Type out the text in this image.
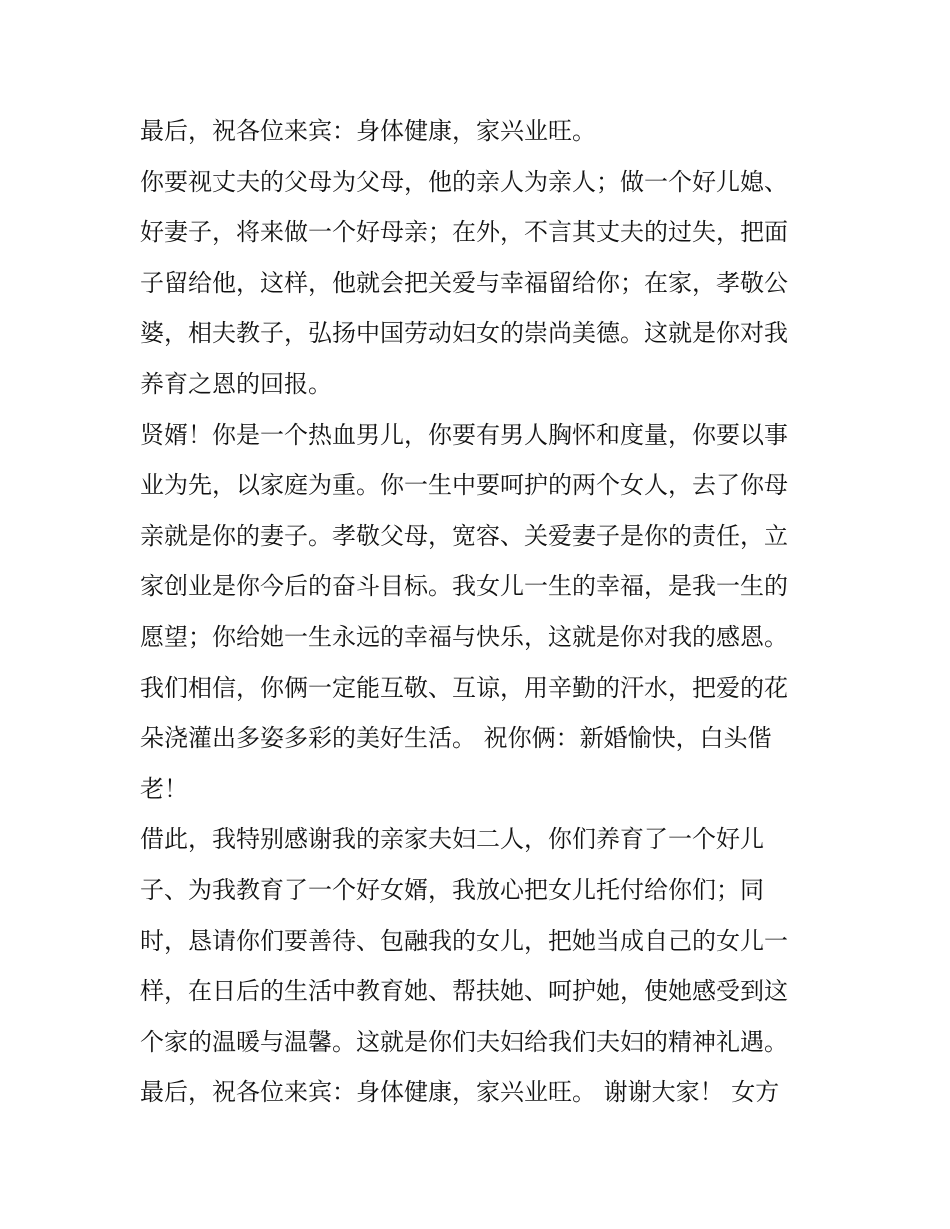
最后，祝各位来宾：身体健康，家兴业旺。
你要视丈夫的父母为父母，他的亲人为亲人；做一个好儿媳、
好妻子，将来做一个好母亲；在外，不言其丈夫的过失，把面
子留给他，这样，他就会把关爱与幸福留给你；在家，孝敬公
婆，相夫教子，弘扬中国劳动妇女的崇尚美德。这就是你对我
养育之恩的回报。
贤婿！你是一个热血男儿，你要有男人胸怀和度量，你要以事
业为先，以家庭为重。你一生中要呵护的两个女人，去了你母
亲就是你的妻子。孝敬父母，宽容、关爱妻子是你的责任，立
家创业是你今后的奋斗目标。我女儿一生的幸福，是我一生的
愿望；你给她一生永远的幸福与快乐，这就是你对我的感恩。
我们相信，你俩一定能互敬、互谅，用辛勤的汗水，把爱的花
朵浇灌出多姿多彩的美好生活。 祝你俩：新婚愉快，白头偕
老！
借此，我特别感谢我的亲家夫妇二人，你们养育了一个好儿
子、为我教育了一个好女婿，我放心把女儿托付给你们；同
时，恳请你们要善待、包融我的女儿，把她当成自己的女儿一
样，在日后的生活中教育她、帮扶她、呵护她，使她感受到这
个家的温暖与温馨。这就是你们夫妇给我们夫妇的精神礼遇。
最后，祝各位来宾：身体健康，家兴业旺。 谢谢大家！ 女方
